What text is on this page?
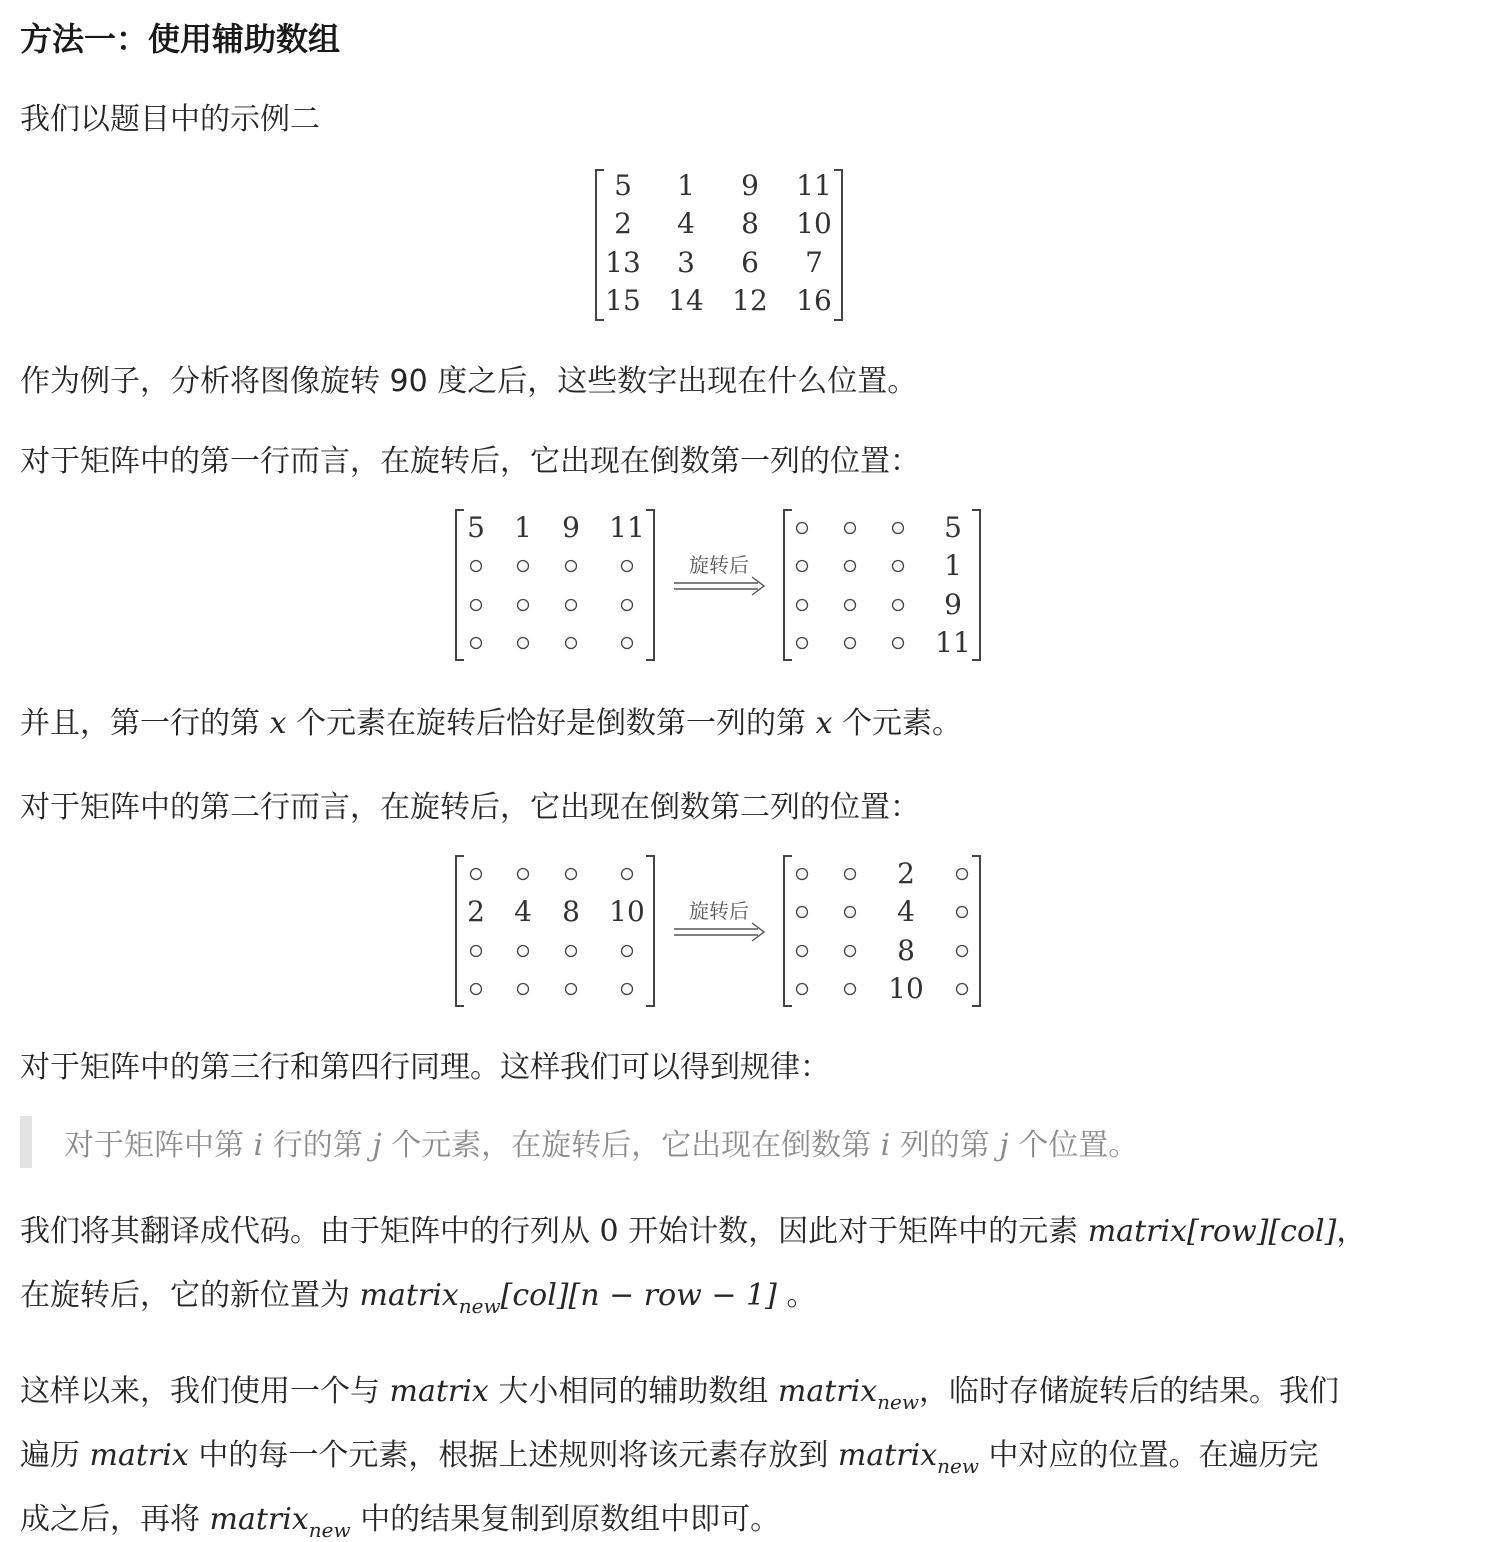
方法一：使用辅助数组
我们以题目中的示例二
5 1 9 11
2 4 8 10
13 3 6 7
15 14 12 16
作为例子，分析将图像旋转 90 度之后，这些数字出现在什么位置。
对于矩阵中的第一行而言，在旋转后，它出现在倒数第一列的位置：
5 1 9 11
旋转后
5
1
9
11
并且，第一行的第 x 个元素在旋转后恰好是倒数第一列的第 x 个元素。
对于矩阵中的第二行而言，在旋转后，它出现在倒数第二列的位置：
2 4 8 10 旋转后
2
4
8
10
对于矩阵中的第三行和第四行同理。这样我们可以得到规律：
对于矩阵中第 i 行的第 j 个元素，在旋转后，它出现在倒数第 i 列的第 j 个位置。
我们将其翻译成代码。由于矩阵中的行列从 0 开始计数，因此对于矩阵中的元素 matrix[row][col]，
在旋转后，它的新位置为 matrix$_{new}$[col][n − row − 1] 。
这样以来，我们使用一个与 matrix 大小相同的辅助数组 matrix$_{new}$，临时存储旋转后的结果。我们
遍历 matrix 中的每一个元素，根据上述规则将该元素存放到 matrix$_{new}$ 中对应的位置。在遍历完
成之后，再将 matrix$_{new}$ 中的结果复制到原数组中即可。
